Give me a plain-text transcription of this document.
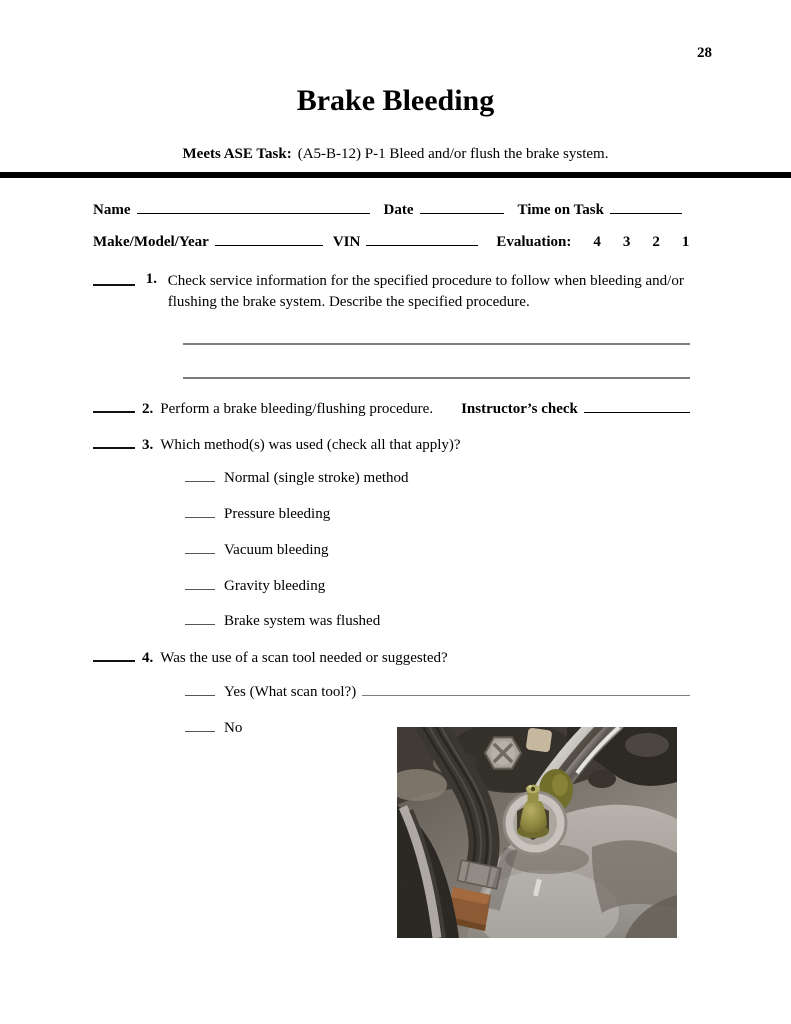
28
Brake Bleeding
Meets ASE Task: (A5-B-12) P-1 Bleed and/or flush the brake system.
Name	Date	Time on Task
Make/Model/Year	VIN	Evaluation: 4 3 2 1
1. Check service information for the specified procedure to follow when bleeding and/or flushing the brake system. Describe the specified procedure.
2. Perform a brake bleeding/flushing procedure. Instructor’s check
3. Which method(s) was used (check all that apply)?
Normal (single stroke) method
Pressure bleeding
Vacuum bleeding
Gravity bleeding
Brake system was flushed
4. Was the use of a scan tool needed or suggested?
Yes (What scan tool?)
No
